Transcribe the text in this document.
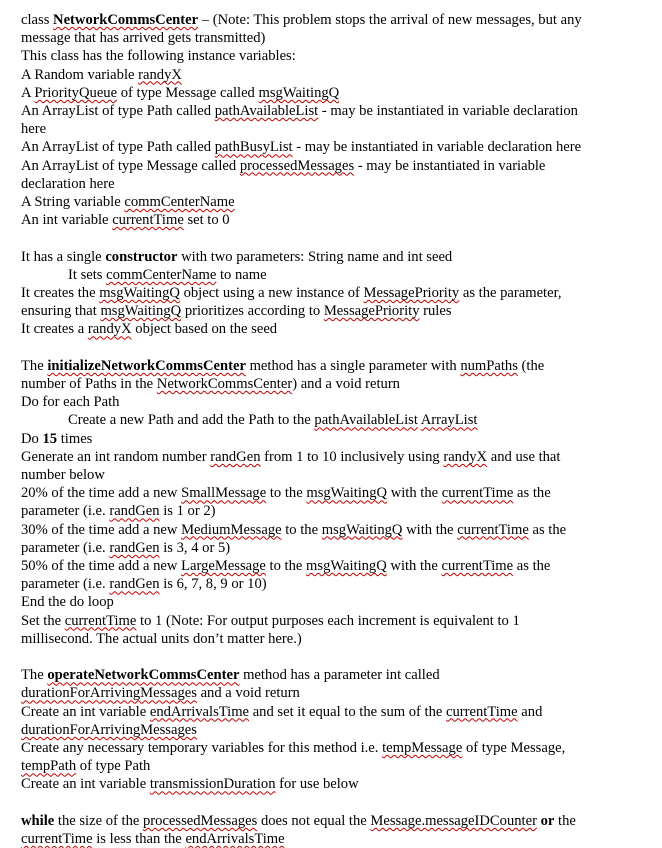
class NetworkCommsCenter – (Note: This problem stops the arrival of new messages, but any
message that has arrived gets transmitted)
This class has the following instance variables:
A Random variable randyX
A PriorityQueue of type Message called msgWaitingQ
An ArrayList of type Path called pathAvailableList - may be instantiated in variable declaration
here
An ArrayList of type Path called pathBusyList - may be instantiated in variable declaration here
An ArrayList of type Message called processedMessages - may be instantiated in variable
declaration here
A String variable commCenterName
An int variable currentTime set to 0
It has a single constructor with two parameters: String name and int seed
It sets commCenterName to name
It creates the msgWaitingQ object using a new instance of MessagePriority as the parameter,
ensuring that msgWaitingQ prioritizes according to MessagePriority rules
It creates a randyX object based on the seed
The initializeNetworkCommsCenter method has a single parameter with numPaths (the
number of Paths in the NetworkCommsCenter) and a void return
Do for each Path
Create a new Path and add the Path to the pathAvailableList ArrayList
Do 15 times
Generate an int random number randGen from 1 to 10 inclusively using randyX and use that
number below
20% of the time add a new SmallMessage to the msgWaitingQ with the currentTime as the
parameter (i.e. randGen is 1 or 2)
30% of the time add a new MediumMessage to the msgWaitingQ with the currentTime as the
parameter (i.e. randGen is 3, 4 or 5)
50% of the time add a new LargeMessage to the msgWaitingQ with the currentTime as the
parameter (i.e. randGen is 6, 7, 8, 9 or 10)
End the do loop
Set the currentTime to 1 (Note: For output purposes each increment is equivalent to 1
millisecond. The actual units don’t matter here.)
The operateNetworkCommsCenter method has a parameter int called
durationForArrivingMessages and a void return
Create an int variable endArrivalsTime and set it equal to the sum of the currentTime and
durationForArrivingMessages
Create any necessary temporary variables for this method i.e. tempMessage of type Message,
tempPath of type Path
Create an int variable transmissionDuration for use below
while the size of the processedMessages does not equal the Message.messageIDCounter or the
currentTime is less than the endArrivalsTime
